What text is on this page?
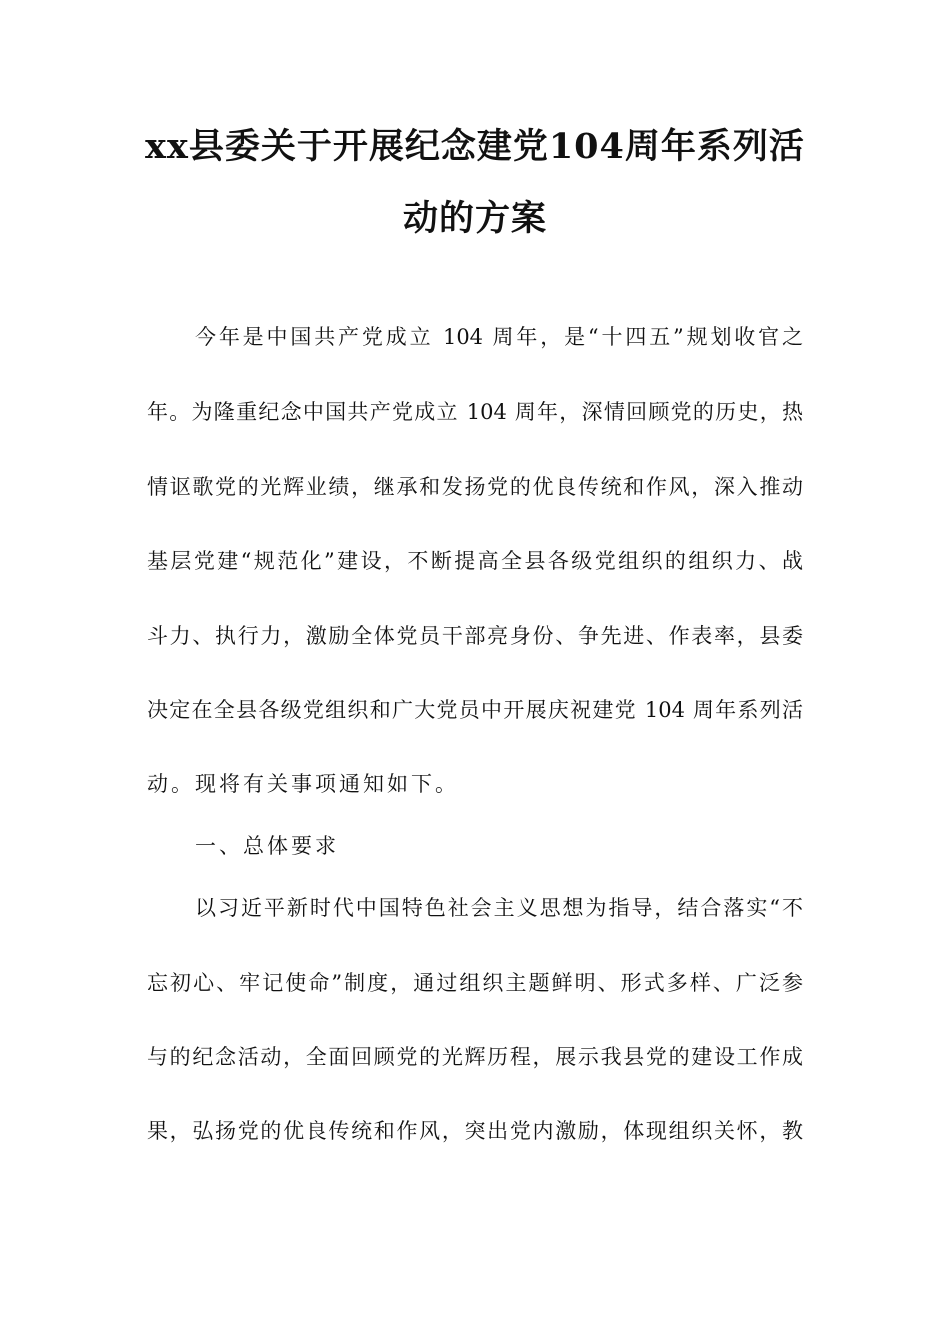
xx县委关于开展纪念建党104周年系列活
动的方案
今年是中国共产党成立 104 周年，是“十四五”规划收官之
年。为隆重纪念中国共产党成立 104 周年，深情回顾党的历史，热
情讴歌党的光辉业绩，继承和发扬党的优良传统和作风，深入推动
基层党建“规范化”建设，不断提高全县各级党组织的组织力、战
斗力、执行力，激励全体党员干部亮身份、争先进、作表率，县委
决定在全县各级党组织和广大党员中开展庆祝建党 104 周年系列活
动。现将有关事项通知如下。
一、总体要求
以习近平新时代中国特色社会主义思想为指导，结合落实“不
忘初心、牢记使命”制度，通过组织主题鲜明、形式多样、广泛参
与的纪念活动，全面回顾党的光辉历程，展示我县党的建设工作成
果，弘扬党的优良传统和作风，突出党内激励，体现组织关怀，教
